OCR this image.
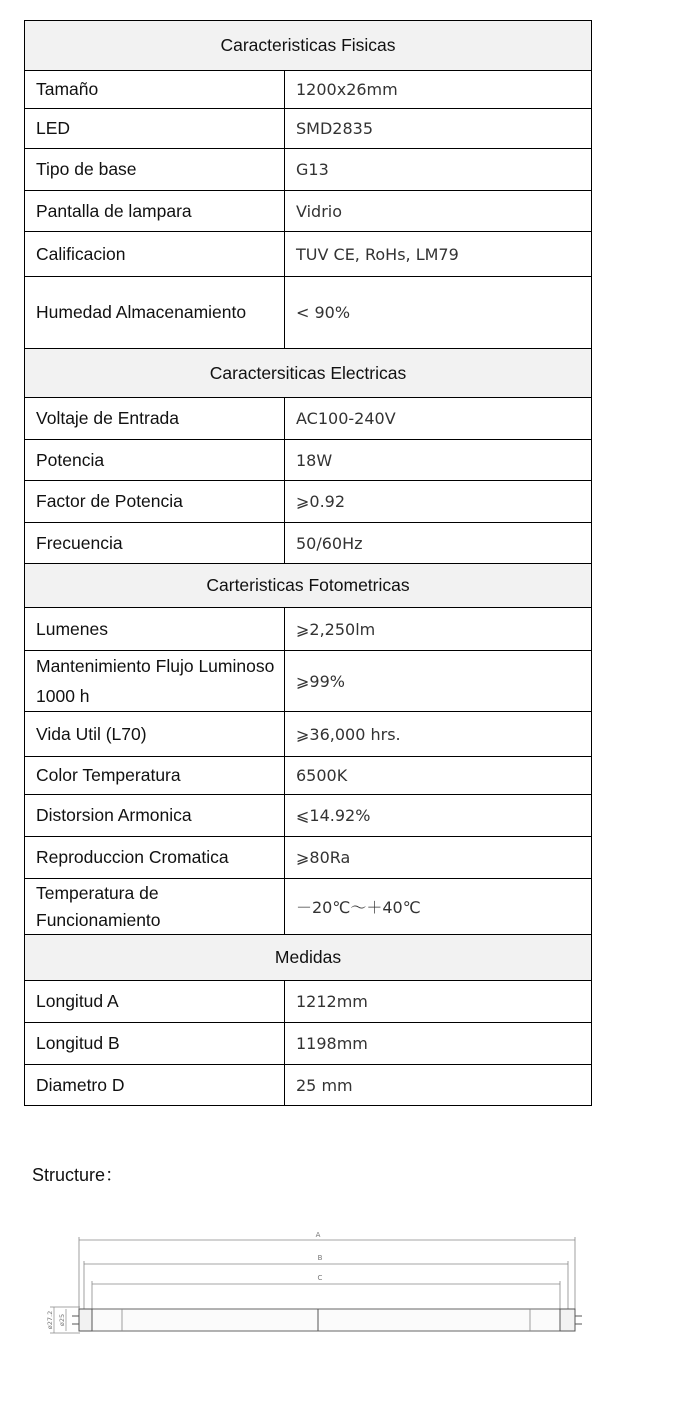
Caracteristicas Fisicas	
Tamaño	1200x26mm
LED	SMD2835
Tipo de base	G13
Pantalla de lampara	Vidrio
Calificacion	TUV CE, RoHs, LM79
Humedad Almacenamiento	< 90%
Caractersiticas Electricas	
Voltaje de Entrada	AC100-240V
Potencia	18W
Factor de Potencia	⩾0.92
Frecuencia	50/60Hz
Carteristicas Fotometricas	
Lumenes	⩾2,250lm
Mantenimiento Flujo Luminoso 1000 h	⩾99%
Vida Util (L70)	⩾36,000 hrs.
Color Temperatura	6500K
Distorsion Armonica	⩽14.92%
Reproduccion Cromatica	⩾80Ra
Temperatura de Funcionamiento	－20℃～＋40℃
Medidas	
Longitud A	1212mm
Longitud B	1198mm
Diametro D	25 mm
Structure：
A
B
C
ø27.2 ø25
